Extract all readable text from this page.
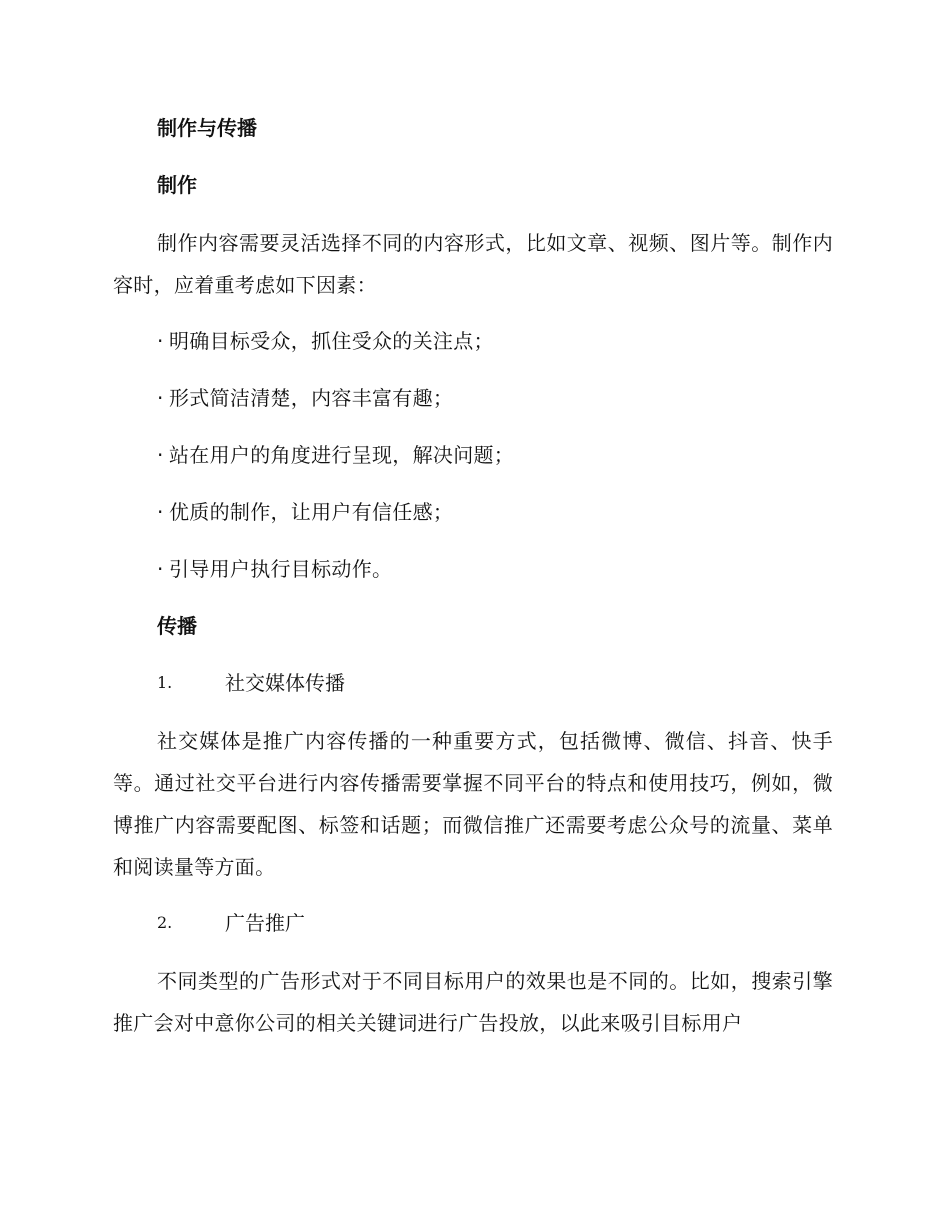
制作与传播
制作
制作内容需要灵活选择不同的内容形式，比如文章、视频、图片等。制作内容时，应着重考虑如下因素：
· 明确目标受众，抓住受众的关注点；
· 形式简洁清楚，内容丰富有趣；
· 站在用户的角度进行呈现，解决问题；
· 优质的制作，让用户有信任感；
· 引导用户执行目标动作。
传播
1.	社交媒体传播
社交媒体是推广内容传播的一种重要方式，包括微博、微信、抖音、快手等。通过社交平台进行内容传播需要掌握不同平台的特点和使用技巧，例如，微博推广内容需要配图、标签和话题；而微信推广还需要考虑公众号的流量、菜单和阅读量等方面。
2.	广告推广
不同类型的广告形式对于不同目标用户的效果也是不同的。比如，搜索引擎推广会对中意你公司的相关关键词进行广告投放，以此来吸引目标用户
